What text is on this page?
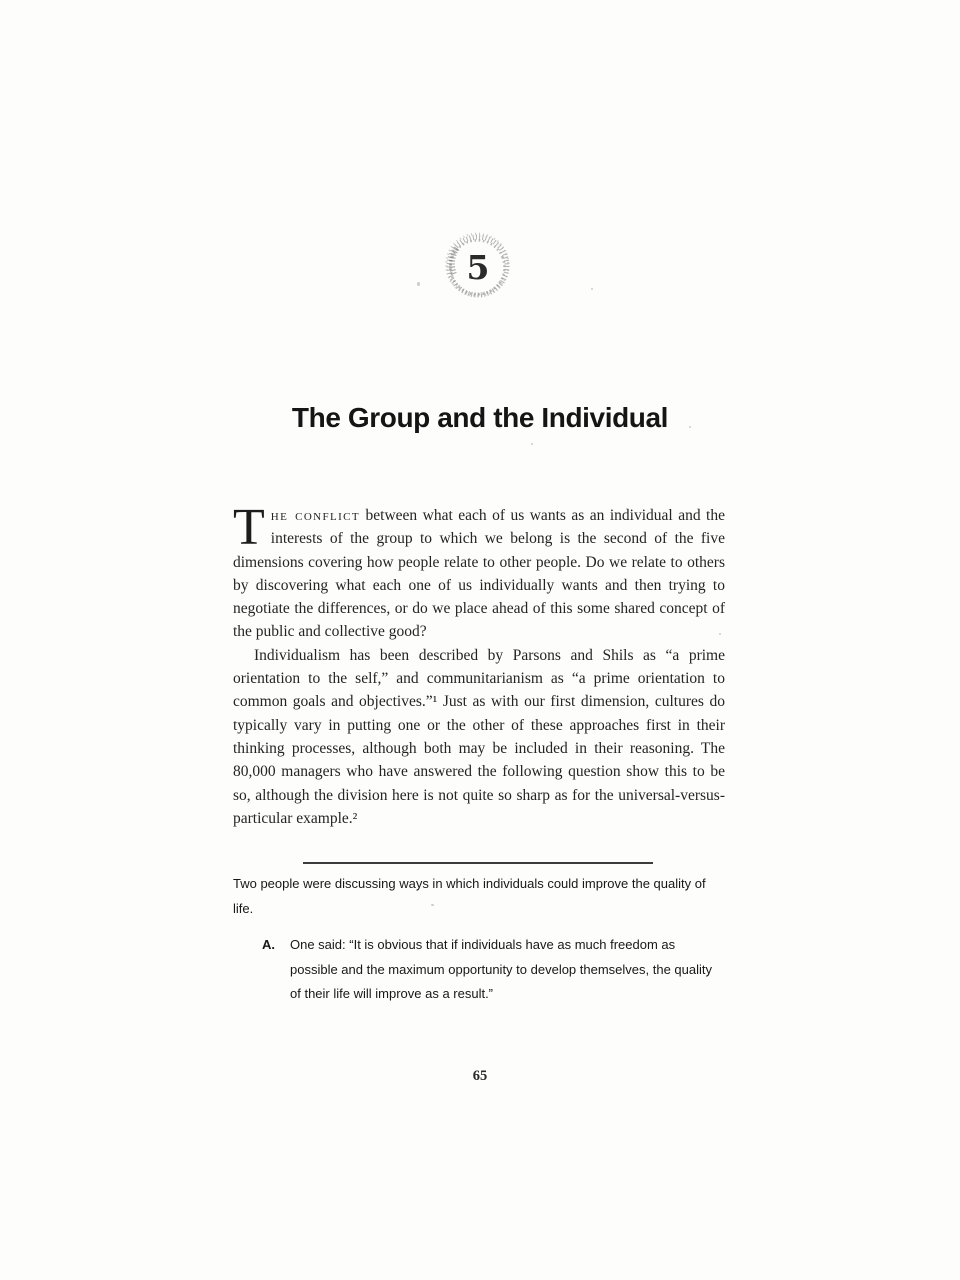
5
The Group and the Individual

T he conflict between what each of us wants as an individual and the interests of the group to which we belong is the second of the five dimensions covering how people relate to other people. Do we relate to others by discovering what each one of us individually wants and then trying to negotiate the differences, or do we place ahead of this some shared concept of the public and collective good?

Individualism has been described by Parsons and Shils as “a prime orientation to the self,” and communitarianism as “a prime orientation to common goals and objectives.”¹ Just as with our first dimension, cultures do typically vary in putting one or the other of these approaches first in their thinking processes, although both may be included in their reasoning. The 80,000 managers who have answered the following question show this to be so, although the division here is not quite so sharp as for the universal-versus-particular example.²

Two people were discussing ways in which individuals could improve the quality of life.

A.	One said: “It is obvious that if individuals have as much freedom as possible and the maximum opportunity to develop themselves, the quality of their life will improve as a result.”
65
